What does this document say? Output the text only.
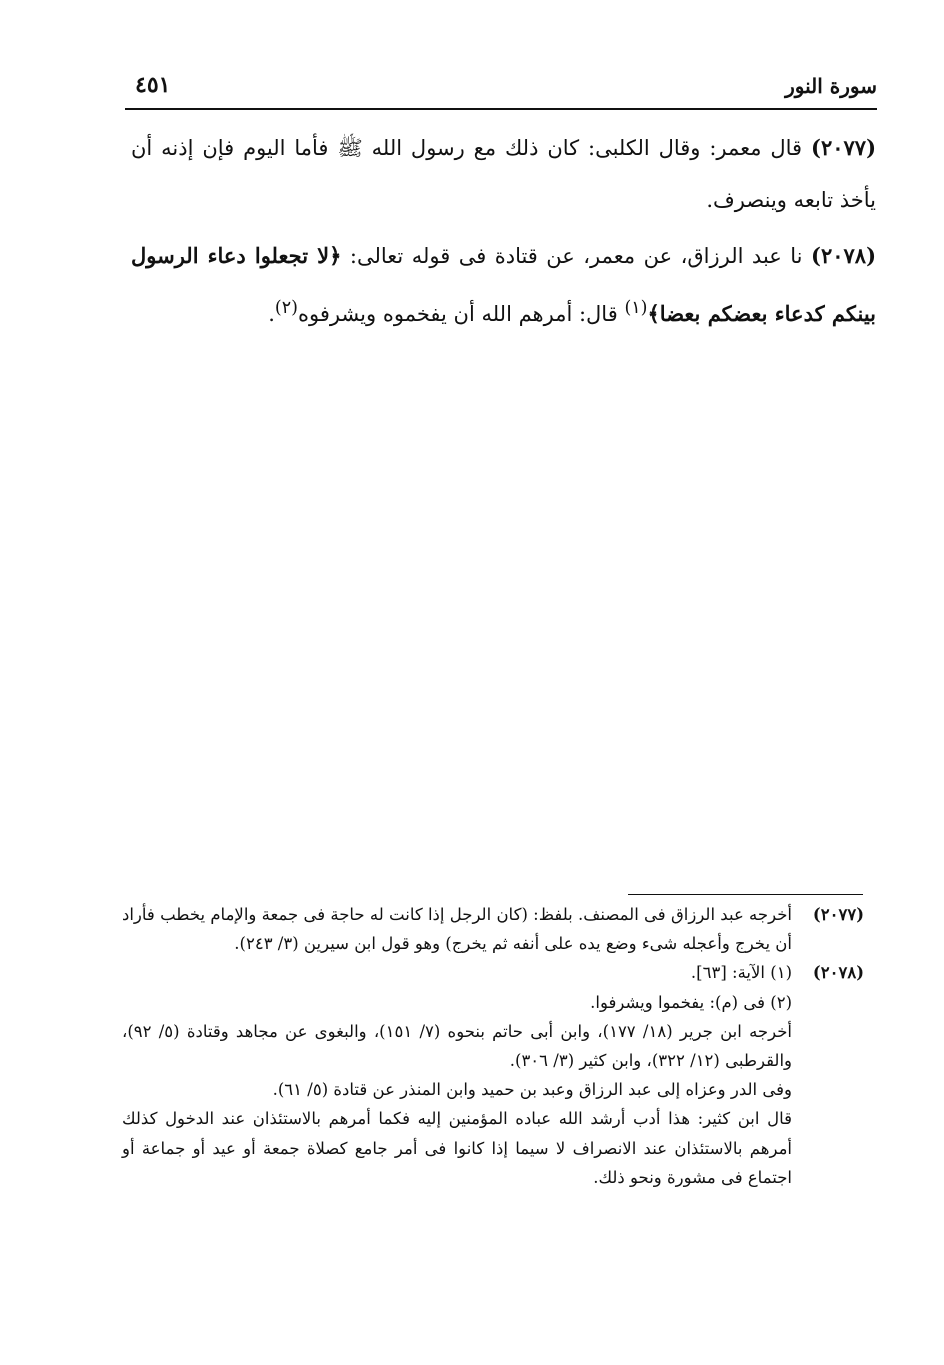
سورة النور
٤٥١

(٢٠٧٧) قال معمر: وقال الكلبى: كان ذلك مع رسول الله ﷺ فأما اليوم فإن إذنه أن يأخذ تابعه وينصرف.

(٢٠٧٨) نا عبد الرزاق، عن معمر، عن قتادة فى قوله تعالى: ﴿لا تجعلوا دعاء الرسول بينكم كدعاء بعضكم بعضا﴾$^{(١)}$ قال: أمرهم الله أن يفخموه ويشرفوه$^{(٢)}$.

(٢٠٧٧)
أخرجه عبد الرزاق فى المصنف. بلفظ: (كان الرجل إذا كانت له حاجة فى جمعة والإمام يخطب فأراد أن يخرج وأعجله شىء وضع يده على أنفه ثم يخرج) وهو قول ابن سيرين (٣/ ٢٤٣).
(٢٠٧٨)
(١) الآية: [٦٣].

(٢) فى (م): يفخموا ويشرفوا.

أخرجه ابن جرير (١٨/ ١٧٧)، وابن أبى حاتم بنحوه (٧/ ١٥١)، والبغوى عن مجاهد وقتادة (٥/ ٩٢)، والقرطبى (١٢/ ٣٢٢)، وابن كثير (٣/ ٣٠٦).

وفى الدر وعزاه إلى عبد الرزاق وعبد بن حميد وابن المنذر عن قتادة (٥/ ٦١).

قال ابن كثير: هذا أدب أرشد الله عباده المؤمنين إليه فكما أمرهم بالاستئذان عند الدخول كذلك أمرهم بالاستئذان عند الانصراف لا سيما إذا كانوا فى أمر جامع كصلاة جمعة أو عيد أو جماعة أو اجتماع فى مشورة ونحو ذلك.
